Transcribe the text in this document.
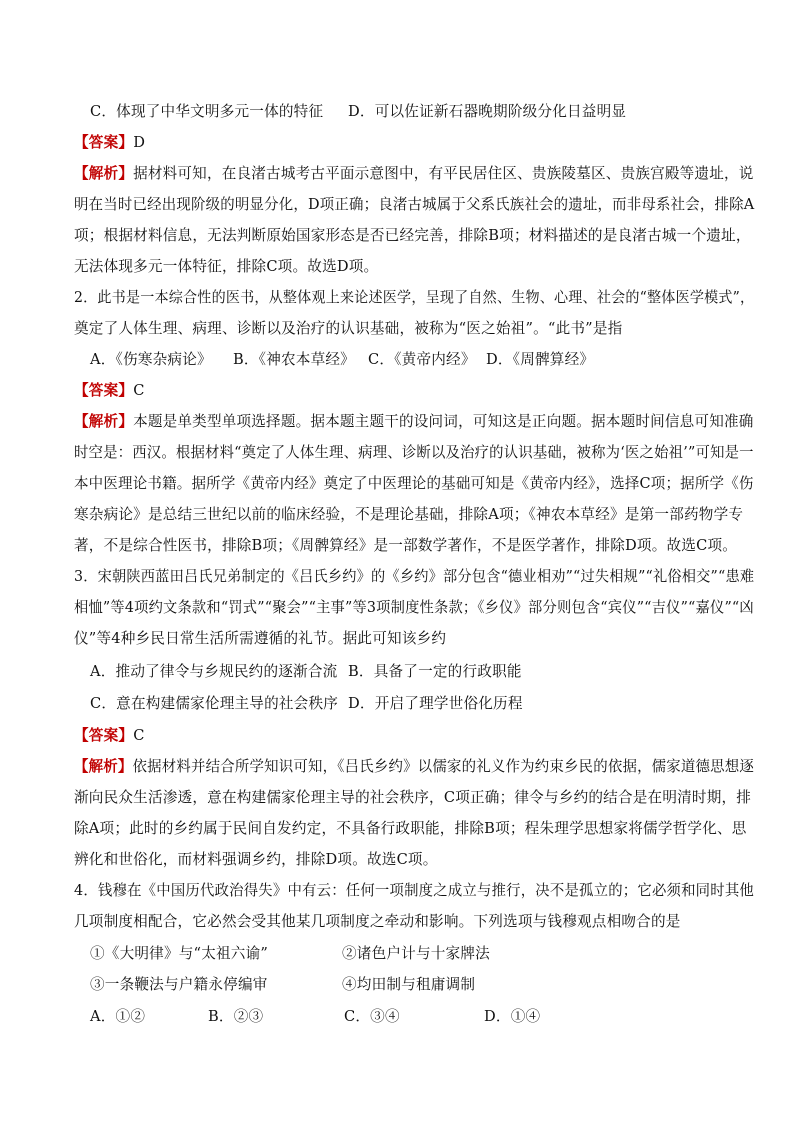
C．体现了中华文明多元一体的特征 D．可以佐证新石器晚期阶级分化日益明显
【答案】D
【解析】据材料可知，在良渚古城考古平面示意图中，有平民居住区、贵族陵墓区、贵族宫殿等遗址，说
明在当时已经出现阶级的明显分化，D项正确；良渚古城属于父系氏族社会的遗址，而非母系社会，排除A
项；根据材料信息，无法判断原始国家形态是否已经完善，排除B项；材料描述的是良渚古城一个遗址，
无法体现多元一体特征，排除C项。故选D项。
2．此书是一本综合性的医书，从整体观上来论述医学，呈现了自然、生物、心理、社会的“整体医学模式”，
奠定了人体生理、病理、诊断以及治疗的认识基础，被称为“医之始祖”。“此书”是指
A．《伤寒杂病论》 B．《神农本草经》 C．《黄帝内经》 D．《周髀算经》
【答案】C
【解析】本题是单类型单项选择题。据本题主题干的设问词，可知这是正向题。据本题时间信息可知准确
时空是：西汉。根据材料“奠定了人体生理、病理、诊断以及治疗的认识基础，被称为‘医之始祖’”可知是一
本中医理论书籍。据所学《黄帝内经》奠定了中医理论的基础可知是《黄帝内经》，选择C项；据所学《伤
寒杂病论》是总结三世纪以前的临床经验，不是理论基础，排除A项；《神农本草经》是第一部药物学专
著，不是综合性医书，排除B项；《周髀算经》是一部数学著作，不是医学著作，排除D项。故选C项。
3．宋朝陕西蓝田吕氏兄弟制定的《吕氏乡约》的《乡约》部分包含“德业相劝”“过失相规”“礼俗相交”“患难
相恤”等4项约文条款和“罚式”“聚会”“主事”等3项制度性条款；《乡仪》部分则包含“宾仪”“吉仪”“嘉仪”“凶
仪”等4种乡民日常生活所需遵循的礼节。据此可知该乡约
A．推动了律令与乡规民约的逐渐合流 B．具备了一定的行政职能
C．意在构建儒家伦理主导的社会秩序 D．开启了理学世俗化历程
【答案】C
【解析】依据材料并结合所学知识可知，《吕氏乡约》以儒家的礼义作为约束乡民的依据，儒家道德思想逐
渐向民众生活渗透，意在构建儒家伦理主导的社会秩序，C项正确；律令与乡约的结合是在明清时期，排
除A项；此时的乡约属于民间自发约定，不具备行政职能，排除B项；程朱理学思想家将儒学哲学化、思
辨化和世俗化，而材料强调乡约，排除D项。故选C项。
4．钱穆在《中国历代政治得失》中有云：任何一项制度之成立与推行，决不是孤立的；它必须和同时其他
几项制度相配合，它必然会受其他某几项制度之牵动和影响。下列选项与钱穆观点相吻合的是
①《大明律》与“太祖六谕”	②诸色户计与十家牌法
③一条鞭法与户籍永停编审	④均田制与租庸调制
A．①②	B．②③	C．③④	D．①④
